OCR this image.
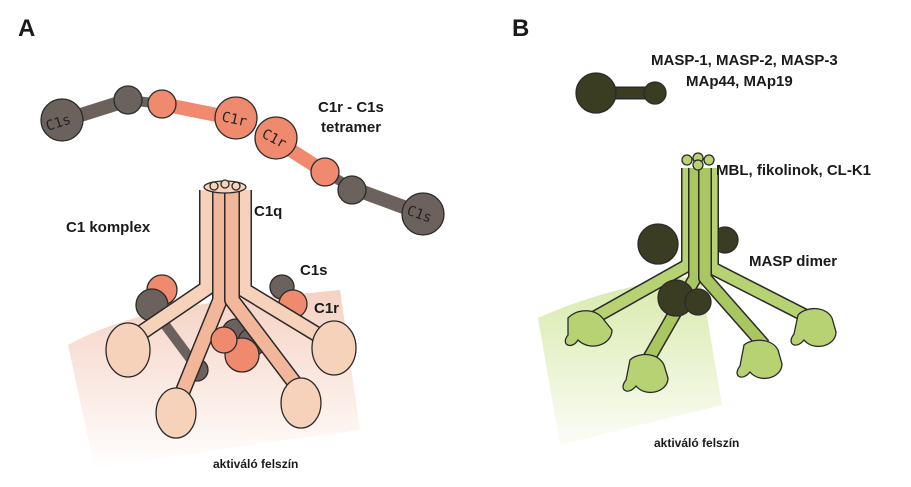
A
C1s	C1r
C1r
C1s
C1r - C1s
tetramer
C1 komplex
C1q
C1s
C1r
aktiváló felszín
B
MASP-1, MASP-2, MASP-3
MAp44, MAp19
MBL, fikolinok, CL-K1
MASP dimer
aktiváló felszín
